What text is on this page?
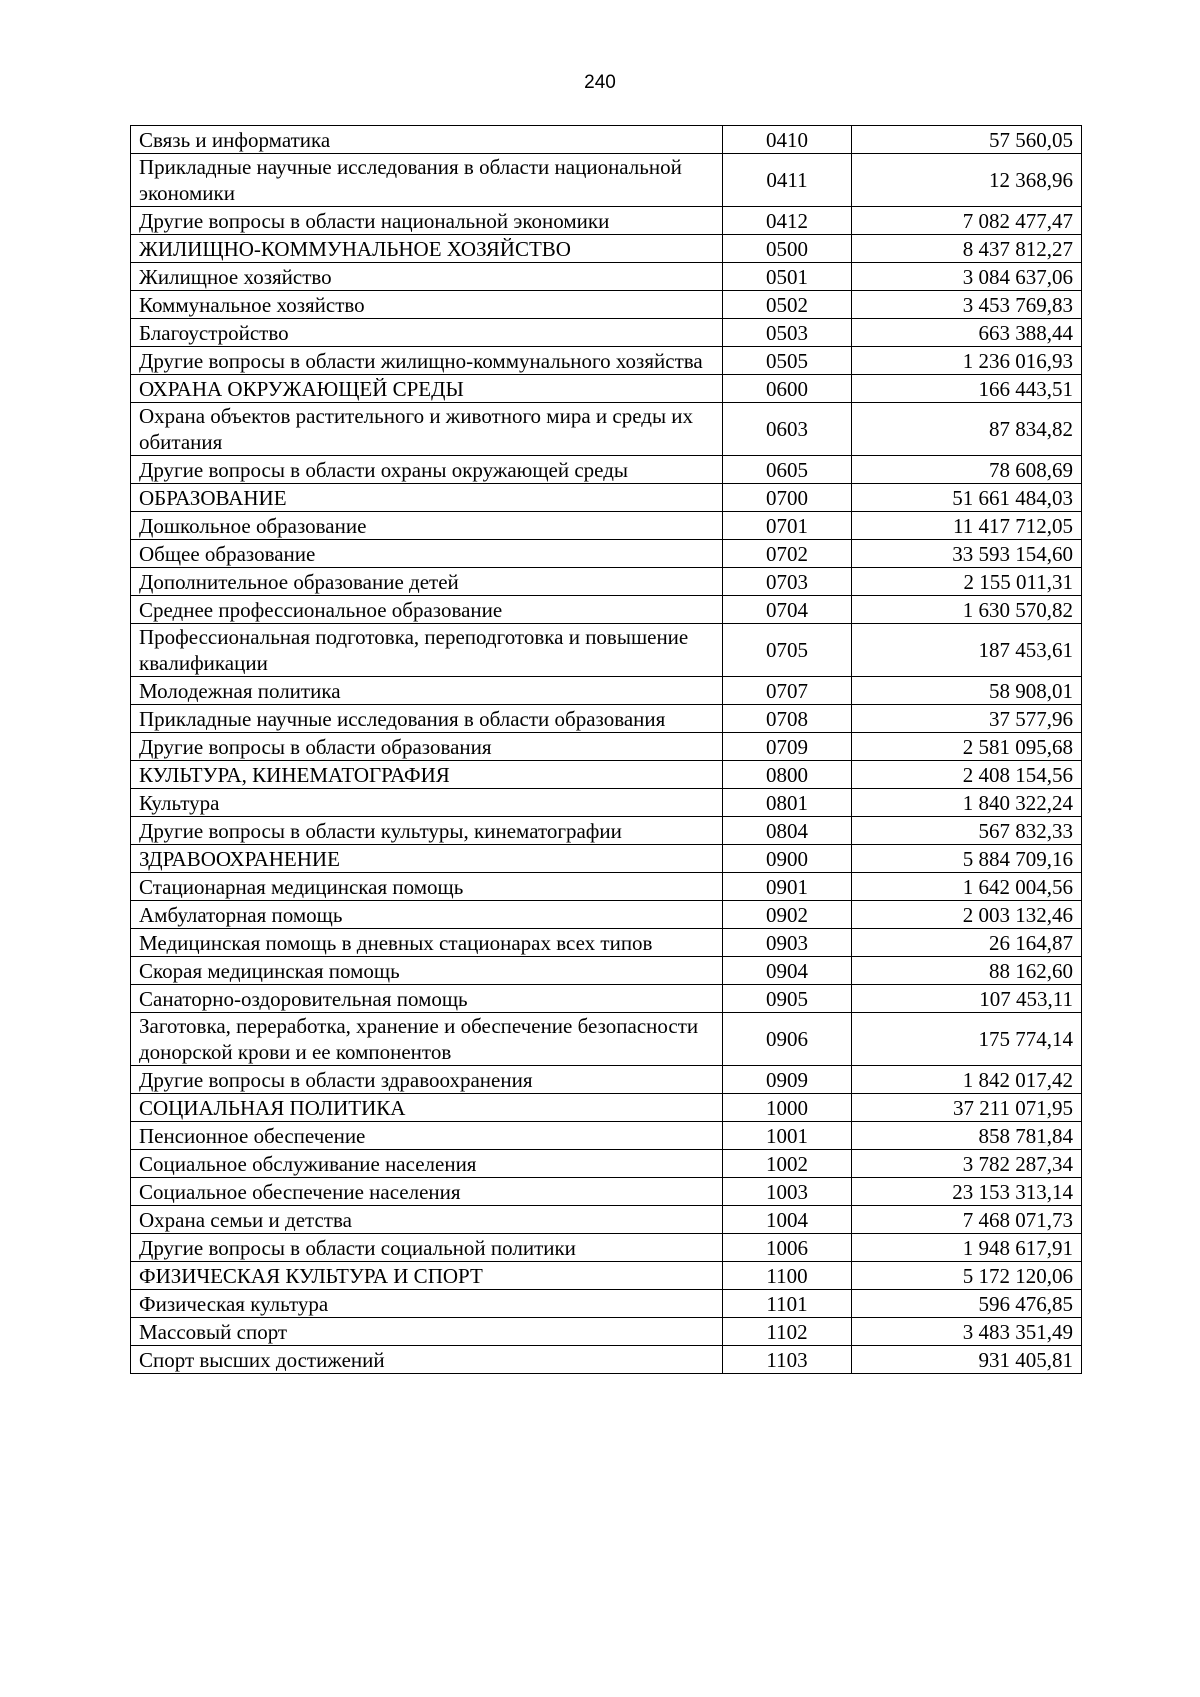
240
Связь и информатика	0410	57 560,05
Прикладные научные исследования в области национальной экономики	0411	12 368,96
Другие вопросы в области национальной экономики	0412	7 082 477,47
ЖИЛИЩНО-КОММУНАЛЬНОЕ ХОЗЯЙСТВО	0500	8 437 812,27
Жилищное хозяйство	0501	3 084 637,06
Коммунальное хозяйство	0502	3 453 769,83
Благоустройство	0503	663 388,44
Другие вопросы в области жилищно-коммунального хозяйства	0505	1 236 016,93
ОХРАНА ОКРУЖАЮЩЕЙ СРЕДЫ	0600	166 443,51
Охрана объектов растительного и животного мира и среды их обитания	0603	87 834,82
Другие вопросы в области охраны окружающей среды	0605	78 608,69
ОБРАЗОВАНИЕ	0700	51 661 484,03
Дошкольное образование	0701	11 417 712,05
Общее образование	0702	33 593 154,60
Дополнительное образование детей	0703	2 155 011,31
Среднее профессиональное образование	0704	1 630 570,82
Профессиональная подготовка, переподготовка и повышение квалификации	0705	187 453,61
Молодежная политика	0707	58 908,01
Прикладные научные исследования в области образования	0708	37 577,96
Другие вопросы в области образования	0709	2 581 095,68
КУЛЬТУРА, КИНЕМАТОГРАФИЯ	0800	2 408 154,56
Культура	0801	1 840 322,24
Другие вопросы в области культуры, кинематографии	0804	567 832,33
ЗДРАВООХРАНЕНИЕ	0900	5 884 709,16
Стационарная медицинская помощь	0901	1 642 004,56
Амбулаторная помощь	0902	2 003 132,46
Медицинская помощь в дневных стационарах всех типов	0903	26 164,87
Скорая медицинская помощь	0904	88 162,60
Санаторно-оздоровительная помощь	0905	107 453,11
Заготовка, переработка, хранение и обеспечение безопасности донорской крови и ее компонентов	0906	175 774,14
Другие вопросы в области здравоохранения	0909	1 842 017,42
СОЦИАЛЬНАЯ ПОЛИТИКА	1000	37 211 071,95
Пенсионное обеспечение	1001	858 781,84
Социальное обслуживание населения	1002	3 782 287,34
Социальное обеспечение населения	1003	23 153 313,14
Охрана семьи и детства	1004	7 468 071,73
Другие вопросы в области социальной политики	1006	1 948 617,91
ФИЗИЧЕСКАЯ КУЛЬТУРА И СПОРТ	1100	5 172 120,06
Физическая культура	1101	596 476,85
Массовый спорт	1102	3 483 351,49
Спорт высших достижений	1103	931 405,81
